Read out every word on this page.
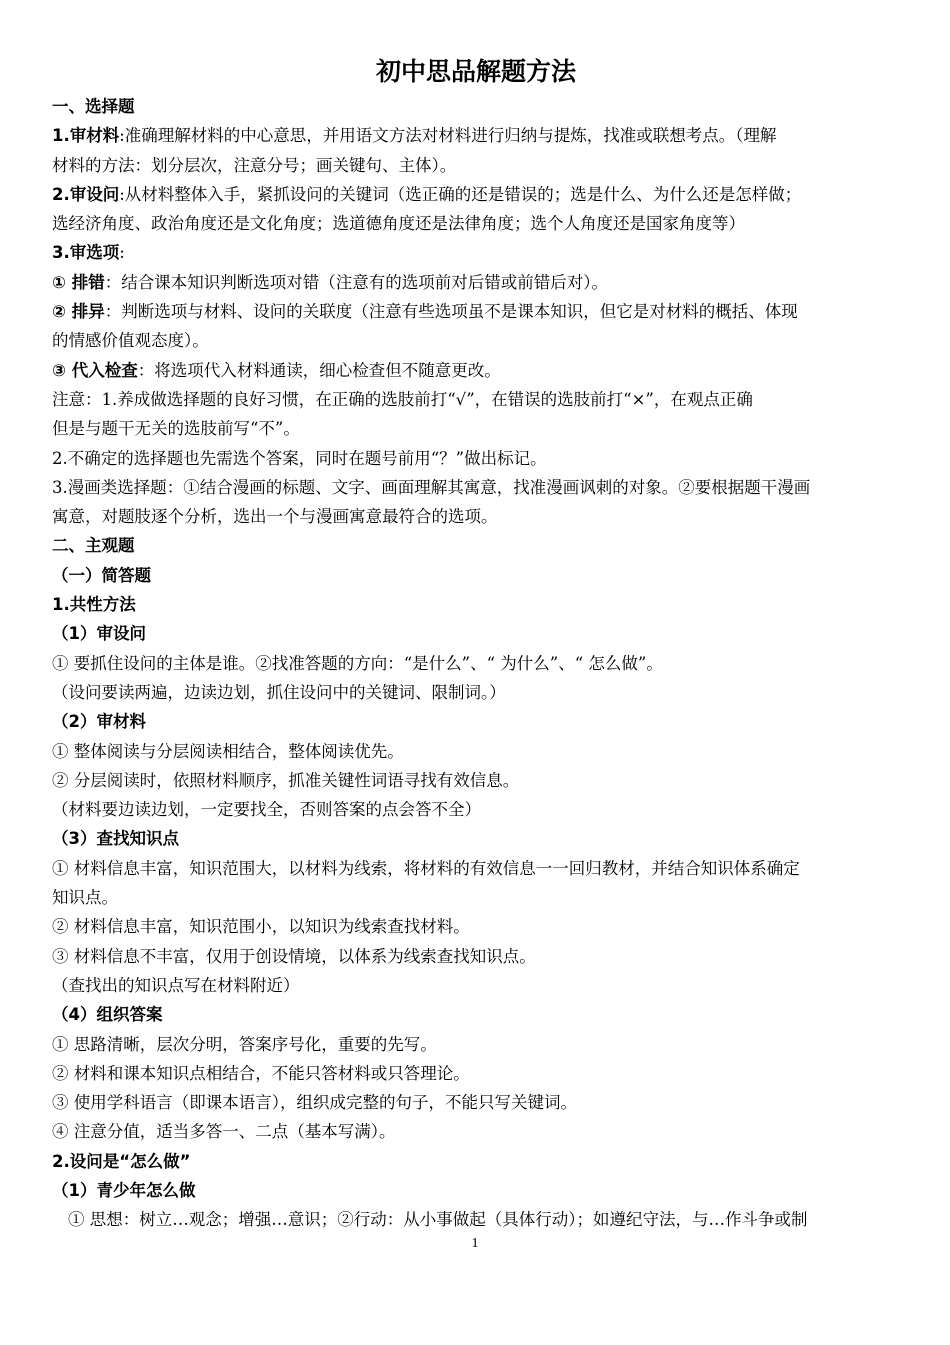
初中思品解题方法
一、选择题
1.审材料:准确理解材料的中心意思，并用语文方法对材料进行归纳与提炼，找准或联想考点。（理解
材料的方法：划分层次，注意分号；画关键句、主体）。
2.审设问:从材料整体入手，紧抓设问的关键词（选正确的还是错误的；选是什么、为什么还是怎样做；
选经济角度、政治角度还是文化角度；选道德角度还是法律角度；选个人角度还是国家角度等）
3.审选项:
① 排错：结合课本知识判断选项对错（注意有的选项前对后错或前错后对）。
② 排异：判断选项与材料、设问的关联度（注意有些选项虽不是课本知识，但它是对材料的概括、体现
的情感价值观态度）。
③ 代入检查：将选项代入材料通读，细心检查但不随意更改。
注意：1.养成做选择题的良好习惯，在正确的选肢前打“√”，在错误的选肢前打“×”，在观点正确
但是与题干无关的选肢前写“不”。
2.不确定的选择题也先需选个答案，同时在题号前用“？”做出标记。
3.漫画类选择题：①结合漫画的标题、文字、画面理解其寓意，找准漫画讽刺的对象。②要根据题干漫画
寓意，对题肢逐个分析，选出一个与漫画寓意最符合的选项。
二、主观题
（一）简答题
1.共性方法
（1）审设问
① 要抓住设问的主体是谁。②找准答题的方向：“是什么”、“ 为什么”、“ 怎么做”。
（设问要读两遍，边读边划，抓住设问中的关键词、限制词。）
（2）审材料
① 整体阅读与分层阅读相结合，整体阅读优先。
② 分层阅读时，依照材料顺序，抓准关键性词语寻找有效信息。
（材料要边读边划，一定要找全，否则答案的点会答不全）
（3）查找知识点
① 材料信息丰富，知识范围大，以材料为线索，将材料的有效信息一一回归教材，并结合知识体系确定
知识点。
② 材料信息丰富，知识范围小，以知识为线索查找材料。
③ 材料信息不丰富，仅用于创设情境，以体系为线索查找知识点。
（查找出的知识点写在材料附近）
（4）组织答案
① 思路清晰，层次分明，答案序号化，重要的先写。
② 材料和课本知识点相结合，不能只答材料或只答理论。
③ 使用学科语言（即课本语言），组织成完整的句子，不能只写关键词。
④ 注意分值，适当多答一、二点（基本写满）。
2.设问是“怎么做”
（1）青少年怎么做
① 思想：树立…观念；增强…意识；②行动：从小事做起（具体行动）；如遵纪守法，与…作斗争或制
1
